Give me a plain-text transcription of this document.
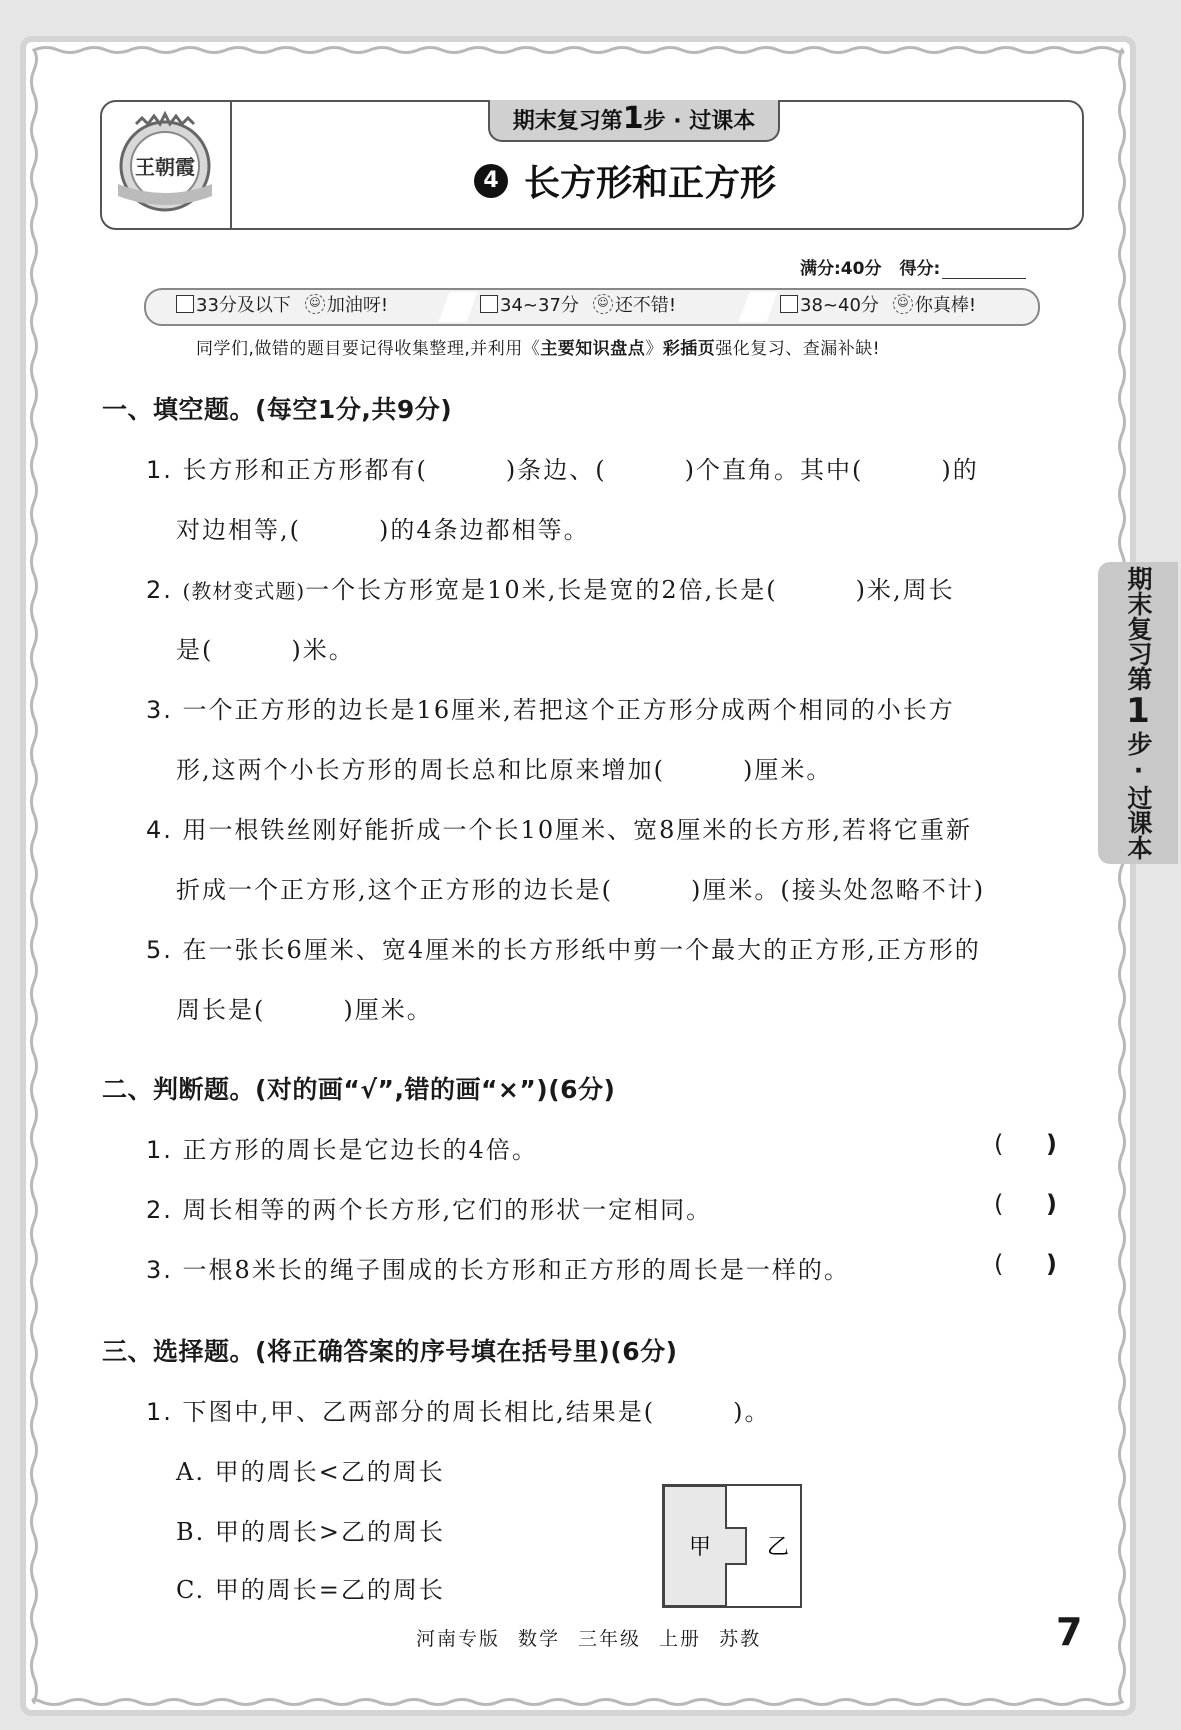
王朝霞
期末复习第1步 · 过课本
4 长方形和正方形
满分:40分 得分:
33分及以下 ☺ 加油呀!	34~37分 ☺ 还不错!	38~40分 ☺ 你真棒!
同学们,做错的题目要记得收集整理,并利用《主要知识盘点》彩插页强化复习、查漏补缺!
一、填空题。(每空1分,共9分)
1. 长方形和正方形都有(　　　)条边、(　　　)个直角。其中(　　　)的
对边相等,(　　　)的4条边都相等。
2. (教材变式题)一个长方形宽是10米,长是宽的2倍,长是(　　　)米,周长
是(　　　)米。
3. 一个正方形的边长是16厘米,若把这个正方形分成两个相同的小长方
形,这两个小长方形的周长总和比原来增加(　　　)厘米。
4. 用一根铁丝刚好能折成一个长10厘米、宽8厘米的长方形,若将它重新
折成一个正方形,这个正方形的边长是(　　　)厘米。(接头处忽略不计)
5. 在一张长6厘米、宽4厘米的长方形纸中剪一个最大的正方形,正方形的
周长是(　　　)厘米。
二、判断题。(对的画“√”,错的画“×”)(6分)
1. 正方形的周长是它边长的4倍。	( )
2. 周长相等的两个长方形,它们的形状一定相同。	( )
3. 一根8米长的绳子围成的长方形和正方形的周长是一样的。	( )
三、选择题。(将正确答案的序号填在括号里)(6分)
1. 下图中,甲、乙两部分的周长相比,结果是(　　　)。
A. 甲的周长<乙的周长
B. 甲的周长>乙的周长
C. 甲的周长=乙的周长
甲	乙
期末复习第
1
步·过课本
河南专版 数学 三年级 上册 苏教	7
